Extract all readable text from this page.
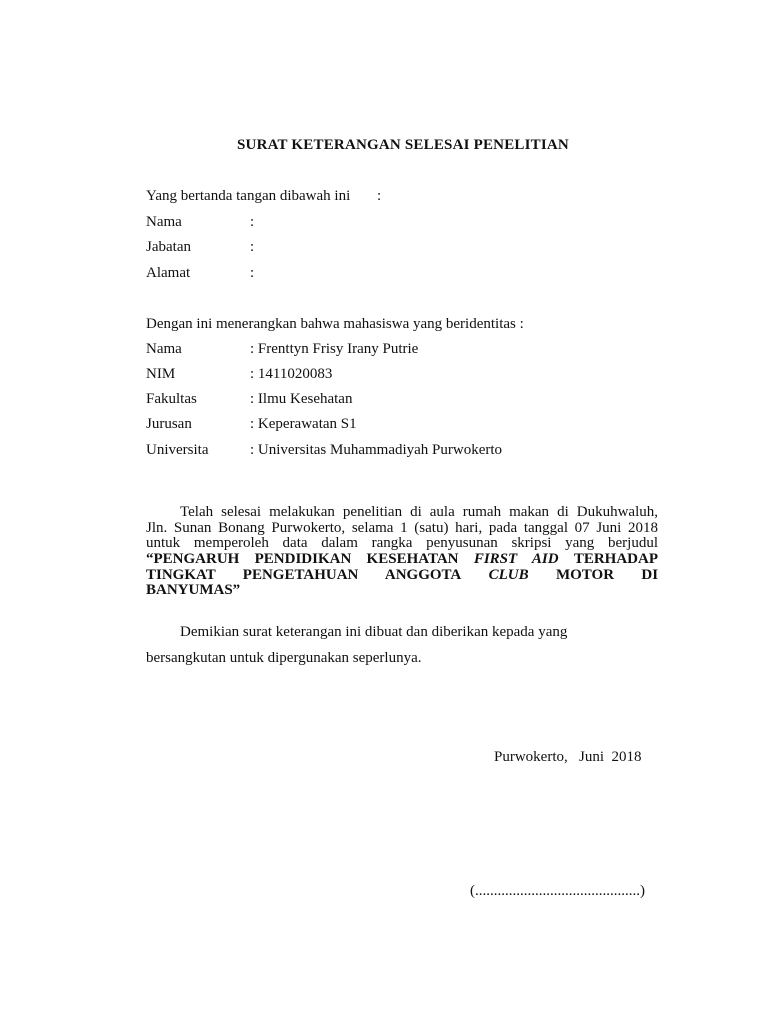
SURAT KETERANGAN SELESAI PENELITIAN
Yang bertanda tangan dibawah ini :
Nama	:
Jabatan	:
Alamat	:
Dengan ini menerangkan bahwa mahasiswa yang beridentitas :
Nama	: Frenttyn Frisy Irany Putrie
NIM	: 1411020083
Fakultas	: Ilmu Kesehatan
Jurusan	: Keperawatan S1
Universita	: Universitas Muhammadiyah Purwokerto
Telah selesai melakukan penelitian di aula rumah makan di Dukuhwaluh,
Jln. Sunan Bonang Purwokerto, selama 1 (satu) hari, pada tanggal 07 Juni 2018
untuk memperoleh data dalam rangka penyusunan skripsi yang berjudul
“PENGARUH PENDIDIKAN KESEHATAN FIRST AID TERHADAP
TINGKAT PENGETAHUAN ANGGOTA CLUB MOTOR DI
BANYUMAS”
Demikian surat keterangan ini dibuat dan diberikan kepada yang
bersangkutan untuk dipergunakan seperlunya.
Purwokerto,   Juni  2018
(............................................)
